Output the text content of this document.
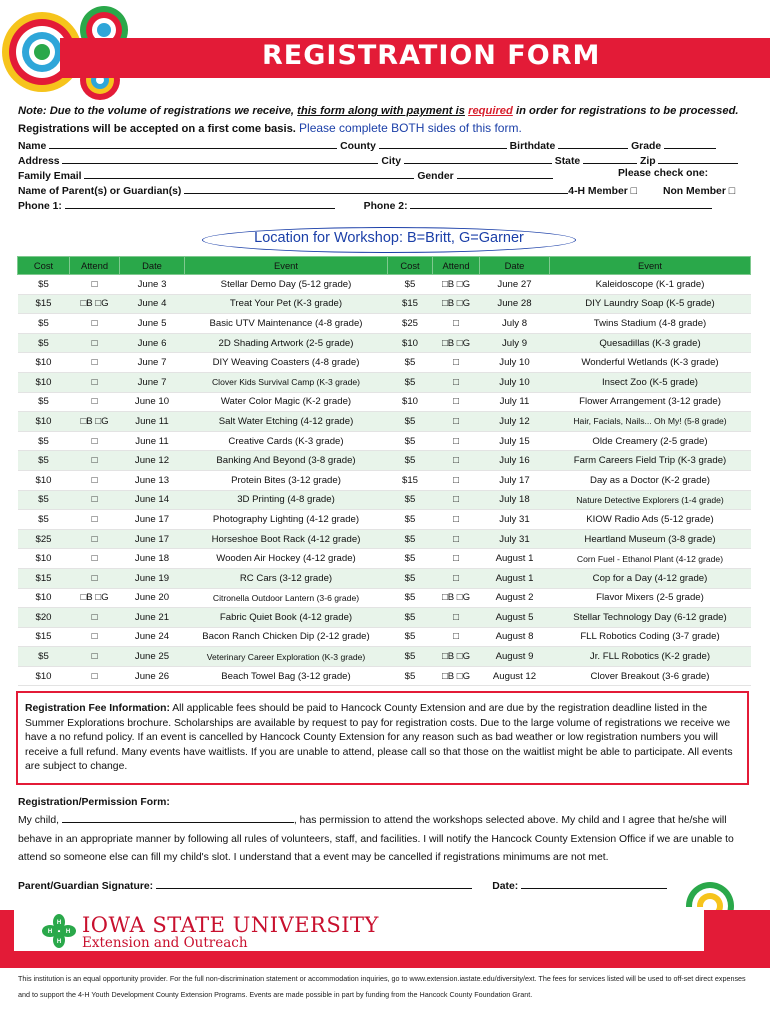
REGISTRATION FORM
Note: Due to the volume of registrations we receive, this form along with payment is required in order for registrations to be processed.
Registrations will be accepted on a first come basis. Please complete BOTH sides of this form.
Name	County	Birthdate	Grade
Address	City	State	Zip
Family Email	Gender	Please check one:
Name of Parent(s) or Guardian(s)	4-H Member □ Non Member □
Phone 1:	Phone 2:
Location for Workshop: B=Britt, G=Garner
Cost	Attend	Date	Event	Cost	Attend	Date	Event
$5	□	June 3	Stellar Demo Day (5-12 grade)	$5	□B □G	June 27	Kaleidoscope (K-1 grade)
$15	□B □G	June 4	Treat Your Pet (K-3 grade)	$15	□B □G	June 28	DIY Laundry Soap (K-5 grade)
$5	□	June 5	Basic UTV Maintenance (4-8 grade)	$25	□	July 8	Twins Stadium (4-8 grade)
$5	□	June 6	2D Shading Artwork (2-5 grade)	$10	□B □G	July 9	Quesadillas (K-3 grade)
$10	□	June 7	DIY Weaving Coasters (4-8 grade)	$5	□	July 10	Wonderful Wetlands (K-3 grade)
$10	□	June 7	Clover Kids Survival Camp (K-3 grade)	$5	□	July 10	Insect Zoo (K-5 grade)
$5	□	June 10	Water Color Magic (K-2 grade)	$10	□	July 11	Flower Arrangement (3-12 grade)
$10	□B □G	June 11	Salt Water Etching (4-12 grade)	$5	□	July 12	Hair, Facials, Nails... Oh My! (5-8 grade)
$5	□	June 11	Creative Cards (K-3 grade)	$5	□	July 15	Olde Creamery (2-5 grade)
$5	□	June 12	Banking And Beyond (3-8 grade)	$5	□	July 16	Farm Careers Field Trip (K-3 grade)
$10	□	June 13	Protein Bites (3-12 grade)	$15	□	July 17	Day as a Doctor (K-2 grade)
$5	□	June 14	3D Printing (4-8 grade)	$5	□	July 18	Nature Detective Explorers (1-4 grade)
$5	□	June 17	Photography Lighting (4-12 grade)	$5	□	July 31	KIOW Radio Ads (5-12 grade)
$25	□	June 17	Horseshoe Boot Rack (4-12 grade)	$5	□	July 31	Heartland Museum (3-8 grade)
$10	□	June 18	Wooden Air Hockey (4-12 grade)	$5	□	August 1	Corn Fuel - Ethanol Plant (4-12 grade)
$15	□	June 19	RC Cars (3-12 grade)	$5	□	August 1	Cop for a Day (4-12 grade)
$10	□B □G	June 20	Citronella Outdoor Lantern (3-6 grade)	$5	□B □G	August 2	Flavor Mixers (2-5 grade)
$20	□	June 21	Fabric Quiet Book (4-12 grade)	$5	□	August 5	Stellar Technology Day (6-12 grade)
$15	□	June 24	Bacon Ranch Chicken Dip (2-12 grade)	$5	□	August 8	FLL Robotics Coding (3-7 grade)
$5	□	June 25	Veterinary Career Exploration (K-3 grade)	$5	□B □G	August 9	Jr. FLL Robotics (K-2 grade)
$10	□	June 26	Beach Towel Bag (3-12 grade)	$5	□B □G	August 12	Clover Breakout (3-6 grade)
Registration Fee Information: All applicable fees should be paid to Hancock County Extension and are due by the registration deadline listed in the Summer Explorations brochure. Scholarships are available by request to pay for registration costs. Due to the large volume of registrations we receive we have a no refund policy. If an event is cancelled by Hancock County Extension for any reason such as bad weather or low registration numbers you will receive a full refund. Many events have waitlists. If you are unable to attend, please call so that those on the waitlist might be able to participate. All events are subject to change.
Registration/Permission Form:
My child,	, has permission to attend the workshops selected above. My child and I agree that he/she will
behave in an appropriate manner by following all rules of volunteers, staff, and facilities. I will notify the Hancock County Extension Office if we are unable to
attend so someone else can fill my child's slot. I understand that a event may be cancelled if registrations minimums are not met.
Parent/Guardian Signature:	Date:
H
H
H H IOWA STATE UNIVERSITY
Extension and Outreach
This institution is an equal opportunity provider. For the full non-discrimination statement or accommodation inquiries, go to www.extension.iastate.edu/diversity/ext. The fees for services listed will be used to off-set direct expenses
and to support the 4-H Youth Development County Extension Programs. Events are made possible in part by funding from the Hancock County Foundation Grant.
